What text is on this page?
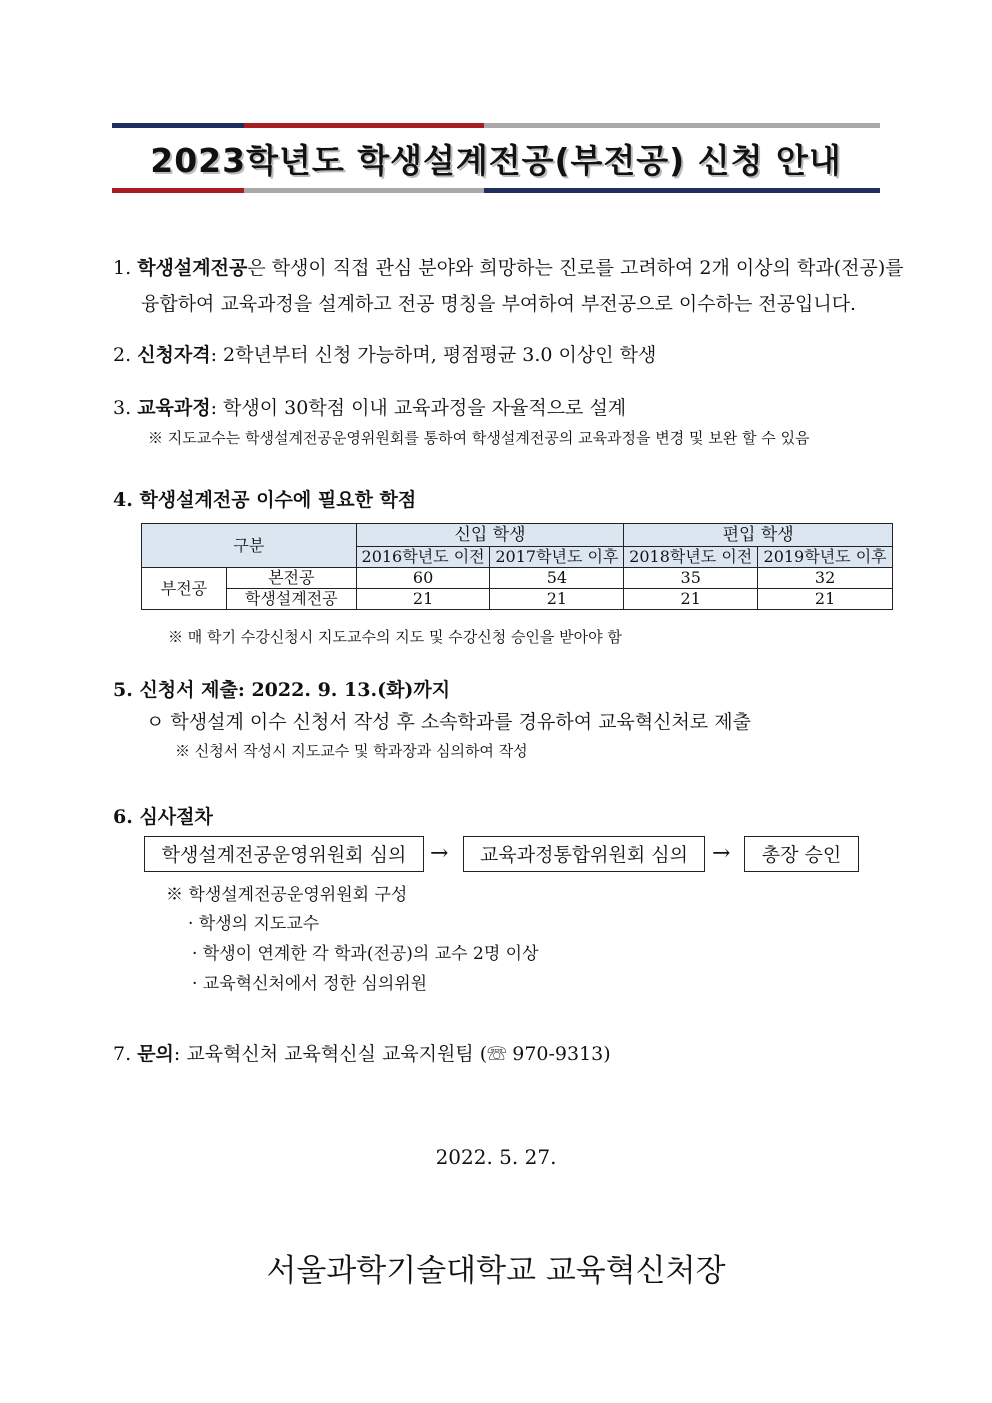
2023학년도 학생설계전공(부전공) 신청 안내
1. 학생설계전공은 학생이 직접 관심 분야와 희망하는 진로를 고려하여 2개 이상의 학과(전공)를
융합하여 교육과정을 설계하고 전공 명칭을 부여하여 부전공으로 이수하는 전공입니다.
2. 신청자격: 2학년부터 신청 가능하며, 평점평균 3.0 이상인 학생
3. 교육과정: 학생이 30학점 이내 교육과정을 자율적으로 설계
※ 지도교수는 학생설계전공운영위원회를 통하여 학생설계전공의 교육과정을 변경 및 보완 할 수 있음
4. 학생설계전공 이수에 필요한 학점
구분		신입 학생		편입 학생	
		2016학년도 이전	2017학년도 이후	2018학년도 이전	2019학년도 이후
부전공	본전공	60	54	35	32
	학생설계전공	21	21	21	21
※ 매 학기 수강신청시 지도교수의 지도 및 수강신청 승인을 받아야 함
5. 신청서 제출: 2022. 9. 13.(화)까지
ㅇ 학생설계 이수 신청서 작성 후 소속학과를 경유하여 교육혁신처로 제출
※ 신청서 작성시 지도교수 및 학과장과 심의하여 작성
6. 심사절차
학생설계전공운영위원회 심의	→	교육과정통합위원회 심의	→	총장 승인
※ 학생설계전공운영위원회 구성
· 학생의 지도교수
· 학생이 연계한 각 학과(전공)의 교수 2명 이상
· 교육혁신처에서 정한 심의위원
7. 문의: 교육혁신처 교육혁신실 교육지원팀 (☏ 970-9313)
2022. 5. 27.
서울과학기술대학교 교육혁신처장
